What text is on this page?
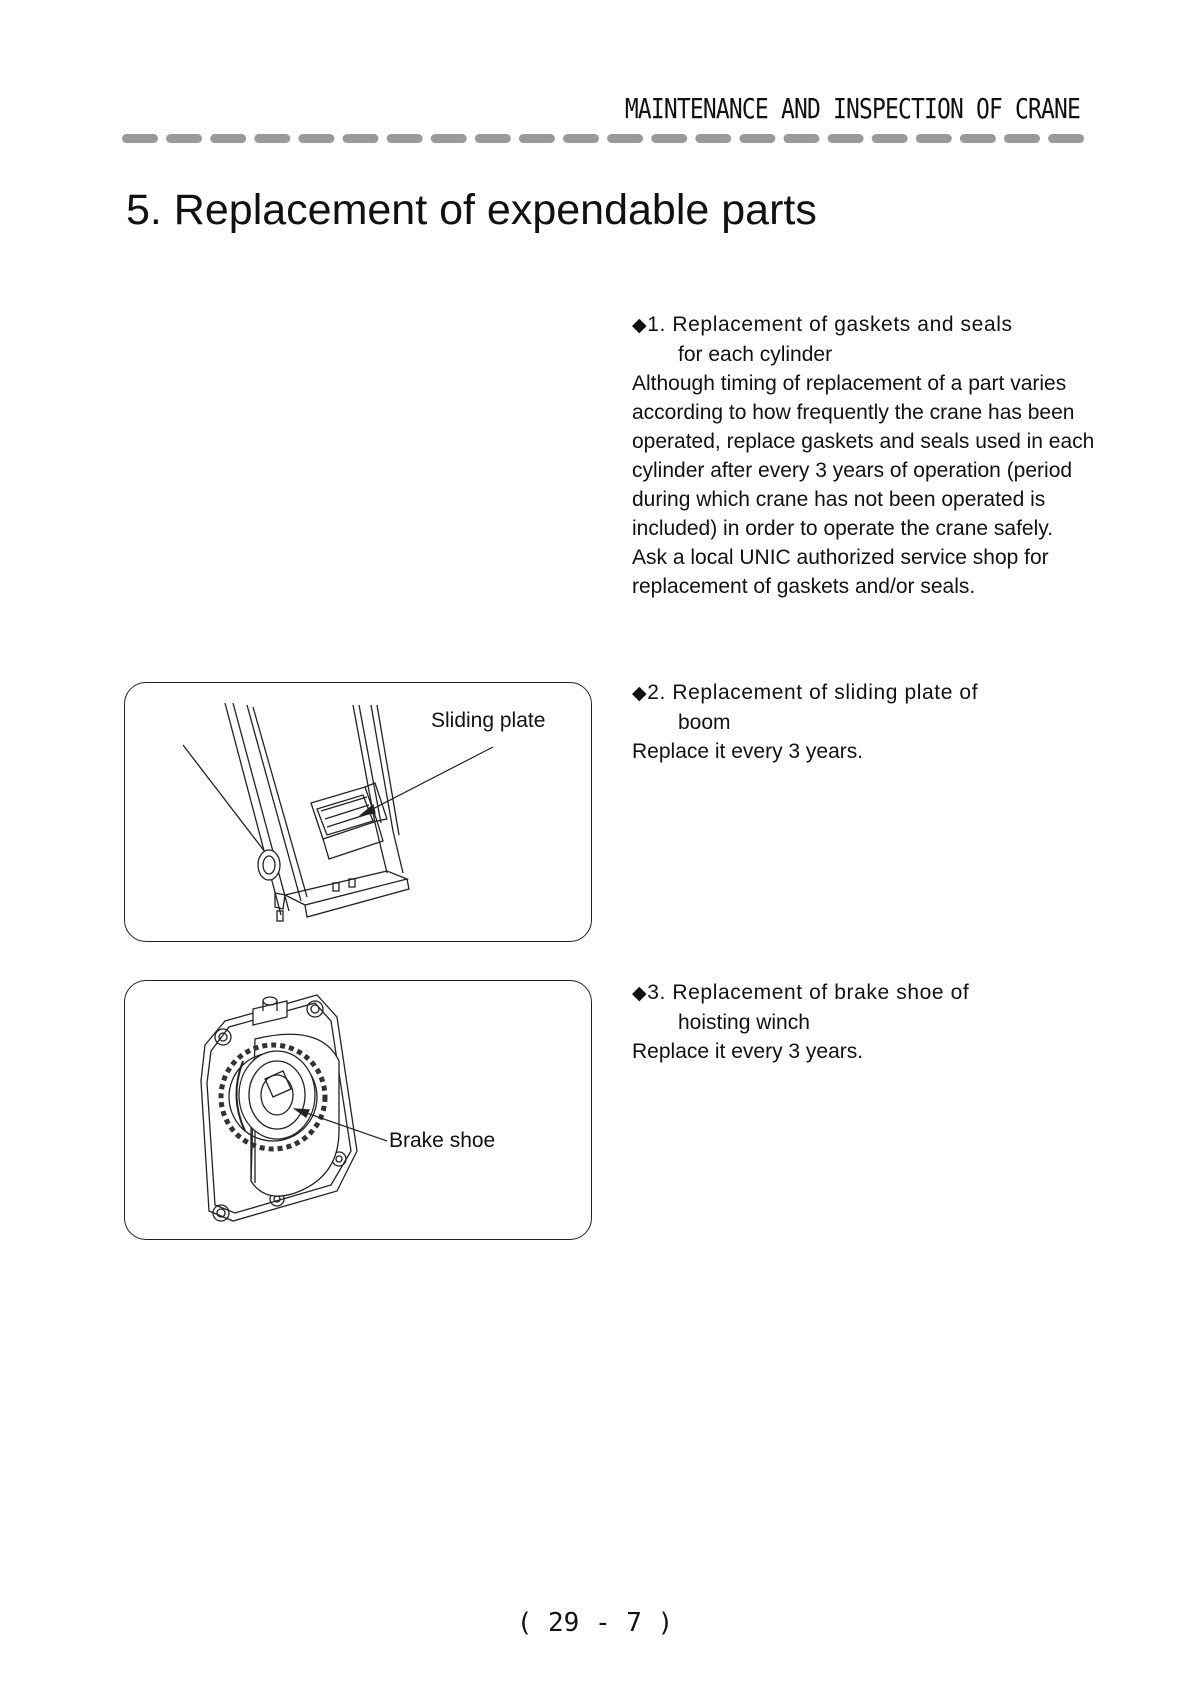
MAINTENANCE AND INSPECTION OF CRANE
5. Replacement of expendable parts

◆1. Replacement of gaskets and seals

for each cylinder

Although timing of replacement of a part varies according to how frequently the crane has been operated, replace gaskets and seals used in each cylinder after every 3 years of operation (period during which crane has not been operated is included) in order to operate the crane safely.

Ask a local UNIC authorized service shop for replacement of gaskets and/or seals.

◆2. Replacement of sliding plate of

boom

Replace it every 3 years.

◆3. Replacement of brake shoe of

hoisting winch

Replace it every 3 years.

Sliding plate
Brake shoe
( 29 - 7 )
